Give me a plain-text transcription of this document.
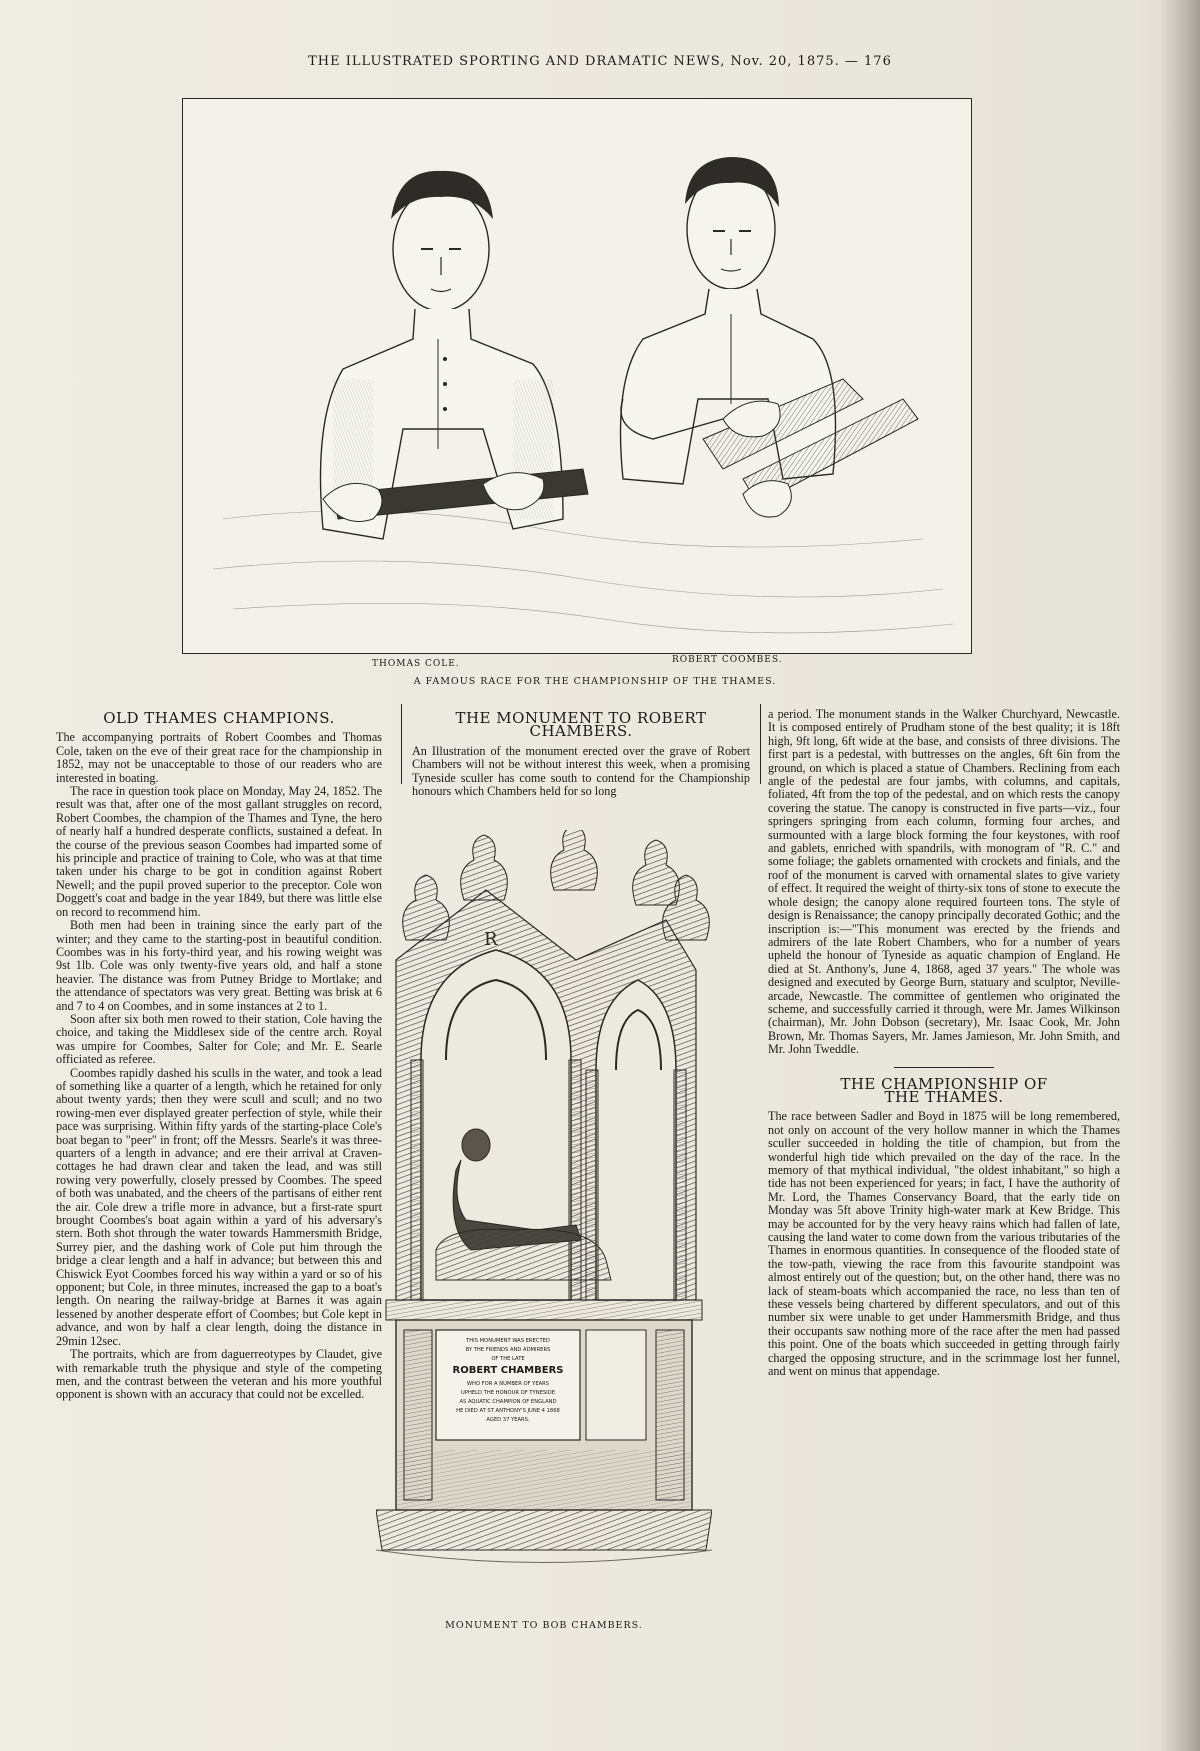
THE ILLUSTRATED SPORTING AND DRAMATIC NEWS, Nov. 20, 1875. — 176
THOMAS COLE.	ROBERT COOMBES.
A FAMOUS RACE FOR THE CHAMPIONSHIP OF THE THAMES.
OLD THAMES CHAMPIONS.

The accompanying portraits of Robert Coombes and Thomas Cole, taken on the eve of their great race for the championship in 1852, may not be unacceptable to those of our readers who are interested in boating.

The race in question took place on Monday, May 24, 1852. The result was that, after one of the most gallant struggles on record, Robert Coombes, the champion of the Thames and Tyne, the hero of nearly half a hundred desperate conflicts, sustained a defeat. In the course of the previous season Coombes had imparted some of his principle and practice of training to Cole, who was at that time taken under his charge to be got in condition against Robert Newell; and the pupil proved superior to the preceptor. Cole won Doggett's coat and badge in the year 1849, but there was little else on record to recommend him.

Both men had been in training since the early part of the winter; and they came to the starting-post in beautiful condition. Coombes was in his forty-third year, and his rowing weight was 9st 1lb. Cole was only twenty-five years old, and half a stone heavier. The distance was from Putney Bridge to Mortlake; and the attendance of spectators was very great. Betting was brisk at 6 and 7 to 4 on Coombes, and in some instances at 2 to 1.

Soon after six both men rowed to their station, Cole having the choice, and taking the Middlesex side of the centre arch. Royal was umpire for Coombes, Salter for Cole; and Mr. E. Searle officiated as referee.

Coombes rapidly dashed his sculls in the water, and took a lead of something like a quarter of a length, which he retained for only about twenty yards; then they were scull and scull; and no two rowing-men ever displayed greater perfection of style, while their pace was surprising. Within fifty yards of the starting-place Cole's boat began to "peer" in front; off the Messrs. Searle's it was three-quarters of a length in advance; and ere their arrival at Craven-cottages he had drawn clear and taken the lead, and was still rowing very powerfully, closely pressed by Coombes. The speed of both was unabated, and the cheers of the partisans of either rent the air. Cole drew a trifle more in advance, but a first-rate spurt brought Coombes's boat again within a yard of his adversary's stern. Both shot through the water towards Hammersmith Bridge, Surrey pier, and the dashing work of Cole put him through the bridge a clear length and a half in advance; but between this and Chiswick Eyot Coombes forced his way within a yard or so of his opponent; but Cole, in three minutes, increased the gap to a boat's length. On nearing the railway-bridge at Barnes it was again lessened by another desperate effort of Coombes; but Cole kept in advance, and won by half a clear length, doing the distance in 29min 12sec.

The portraits, which are from daguerreotypes by Claudet, give with remarkable truth the physique and style of the competing men, and the contrast between the veteran and his more youthful opponent is shown with an accuracy that could not be excelled.

THE MONUMENT TO ROBERT CHAMBERS.

An Illustration of the monument erected over the grave of Robert Chambers will not be without interest this week, when a promising Tyneside sculler has come south to contend for the Championship honours which Chambers held for so long

R
THIS MONUMENT WAS ERECTED
BY THE FRIENDS AND ADMIRERS
OF THE LATE
ROBERT CHAMBERS
WHO FOR A NUMBER OF YEARS
UPHELD THE HONOUR OF TYNESIDE
AS AQUATIC CHAMPION OF ENGLAND
HE DIED AT ST ANTHONY'S JUNE 4 1868
AGED 37 YEARS.
MONUMENT TO BOB CHAMBERS.

a period. The monument stands in the Walker Churchyard, Newcastle. It is composed entirely of Prudham stone of the best quality; it is 18ft high, 9ft long, 6ft wide at the base, and consists of three divisions. The first part is a pedestal, with buttresses on the angles, 6ft 6in from the ground, on which is placed a statue of Chambers. Reclining from each angle of the pedestal are four jambs, with columns, and capitals, foliated, 4ft from the top of the pedestal, and on which rests the canopy covering the statue. The canopy is constructed in five parts—viz., four springers springing from each column, forming four arches, and surmounted with a large block forming the four keystones, with roof and gablets, enriched with spandrils, with monogram of "R. C." and some foliage; the gablets ornamented with crockets and finials, and the roof of the monument is carved with ornamental slates to give variety of effect. It required the weight of thirty-six tons of stone to execute the whole design; the canopy alone required fourteen tons. The style of design is Renaissance; the canopy principally decorated Gothic; and the inscription is:—"This monument was erected by the friends and admirers of the late Robert Chambers, who for a number of years upheld the honour of Tyneside as aquatic champion of England. He died at St. Anthony's, June 4, 1868, aged 37 years." The whole was designed and executed by George Burn, statuary and sculptor, Neville-arcade, Newcastle. The committee of gentlemen who originated the scheme, and successfully carried it through, were Mr. James Wilkinson (chairman), Mr. John Dobson (secretary), Mr. Isaac Cook, Mr. John Brown, Mr. Thomas Sayers, Mr. James Jamieson, Mr. John Smith, and Mr. John Tweddle.

THE CHAMPIONSHIP OF
THE THAMES.

The race between Sadler and Boyd in 1875 will be long remembered, not only on account of the very hollow manner in which the Thames sculler succeeded in holding the title of champion, but from the wonderful high tide which prevailed on the day of the race. In the memory of that mythical individual, "the oldest inhabitant," so high a tide has not been experienced for years; in fact, I have the authority of Mr. Lord, the Thames Conservancy Board, that the early tide on Monday was 5ft above Trinity high-water mark at Kew Bridge. This may be accounted for by the very heavy rains which had fallen of late, causing the land water to come down from the various tributaries of the Thames in enormous quantities. In consequence of the flooded state of the tow-path, viewing the race from this favourite standpoint was almost entirely out of the question; but, on the other hand, there was no lack of steam-boats which accompanied the race, no less than ten of these vessels being chartered by different speculators, and out of this number six were unable to get under Hammersmith Bridge, and thus their occupants saw nothing more of the race after the men had passed this point. One of the boats which succeeded in getting through fairly charged the opposing structure, and in the scrimmage lost her funnel, and went on minus that appendage.
